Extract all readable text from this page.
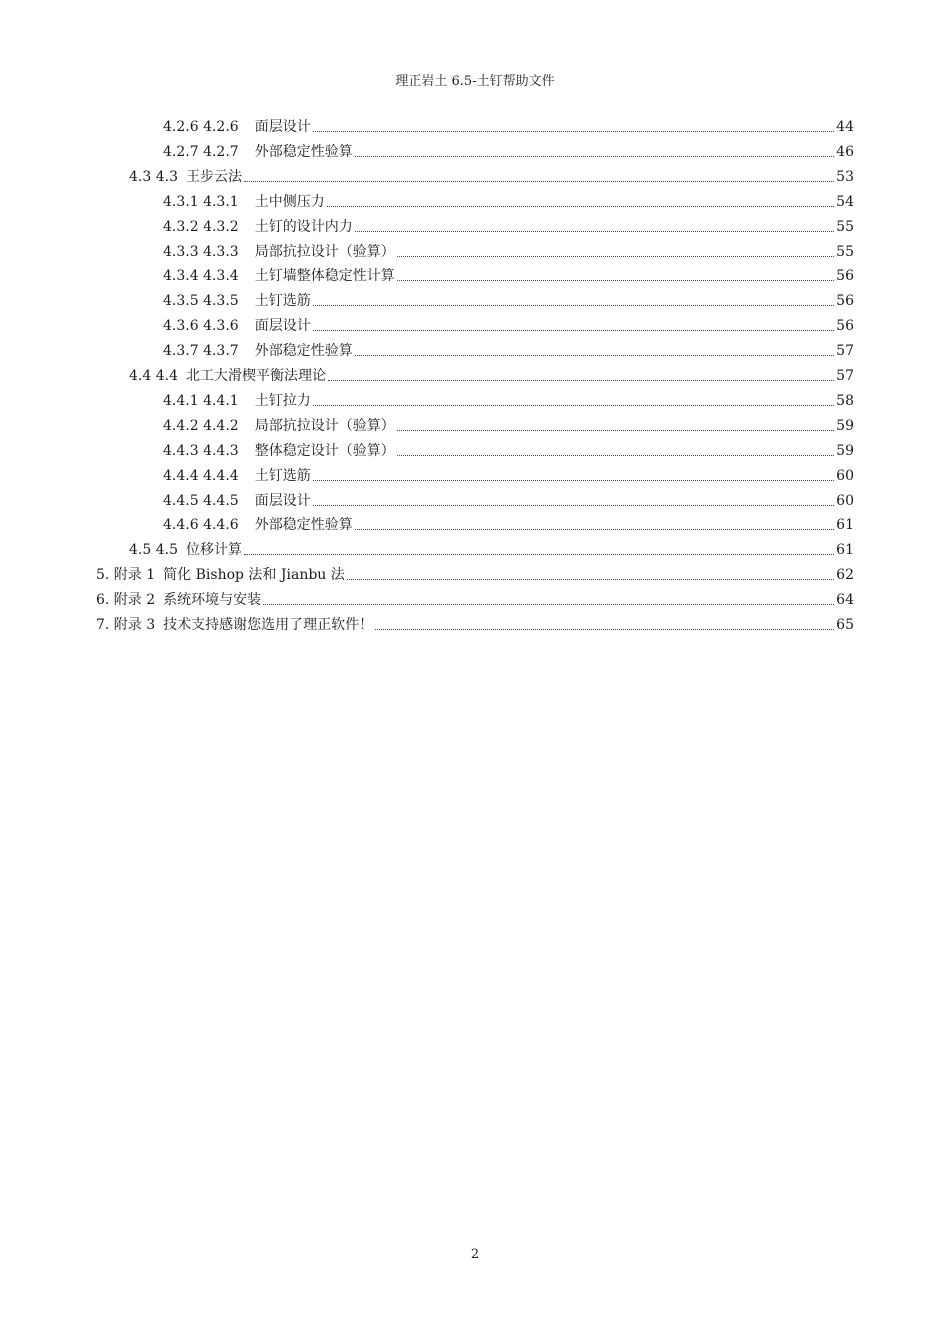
理正岩土 6.5-土钉帮助文件
4.2.6 4.2.6 面层设计	44
4.2.7 4.2.7 外部稳定性验算	46
4.3 4.3 王步云法	53
4.3.1 4.3.1 土中侧压力	54
4.3.2 4.3.2 土钉的设计内力	55
4.3.3 4.3.3 局部抗拉设计（验算）	55
4.3.4 4.3.4 土钉墙整体稳定性计算	56
4.3.5 4.3.5 土钉选筋	56
4.3.6 4.3.6 面层设计	56
4.3.7 4.3.7 外部稳定性验算	57
4.4 4.4 北工大滑楔平衡法理论	57
4.4.1 4.4.1 土钉拉力	58
4.4.2 4.4.2 局部抗拉设计（验算）	59
4.4.3 4.4.3 整体稳定设计（验算）	59
4.4.4 4.4.4 土钉选筋	60
4.4.5 4.4.5 面层设计	60
4.4.6 4.4.6 外部稳定性验算	61
4.5 4.5 位移计算	61
5. 附录 1 简化 Bishop 法和 Jianbu 法	62
6. 附录 2 系统环境与安装	64
7. 附录 3 技术支持感谢您选用了理正软件！	65
2
